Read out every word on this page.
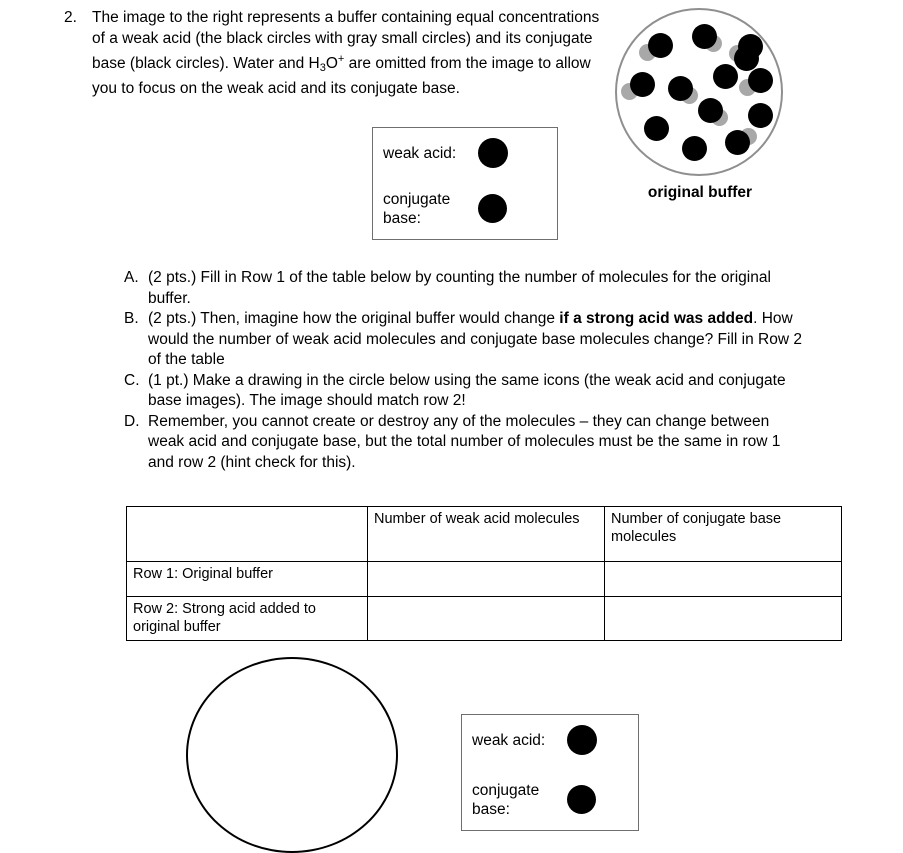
2. The image to the right represents a buffer containing equal concentrations of a weak acid (the black circles with gray small circles) and its conjugate base (black circles). Water and $H_3O^+$ are omitted from the image to allow you to focus on the weak acid and its conjugate base.
weak acid:
conjugate
base:
original buffer
A. (2 pts.) Fill in Row 1 of the table below by counting the number of molecules for the original buffer.
B. (2 pts.) Then, imagine how the original buffer would change if a strong acid was added. How would the number of weak acid molecules and conjugate base molecules change? Fill in Row 2 of the table
C. (1 pt.) Make a drawing in the circle below using the same icons (the weak acid and conjugate base images). The image should match row 2!
D. Remember, you cannot create or destroy any of the molecules – they can change between weak acid and conjugate base, but the total number of molecules must be the same in row 1 and row 2 (hint check for this).
	Number of weak acid molecules	Number of conjugate base molecules
Row 1: Original buffer		
Row 2: Strong acid added to original buffer		
weak acid:
conjugate
base:
